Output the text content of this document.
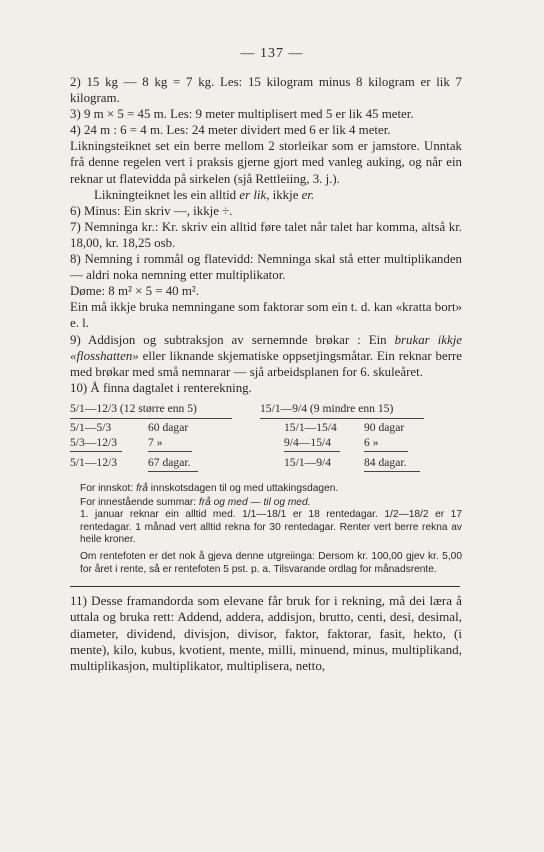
— 137 —

2) 15 kg — 8 kg = 7 kg. Les: 15 kilogram minus 8 kilogram er lik 7 kilogram.

3) 9 m × 5 = 45 m. Les: 9 meter multiplisert med 5 er lik 45 meter.

4) 24 m : 6 = 4 m. Les: 24 meter dividert med 6 er lik 4 meter.

Likningsteiknet set ein berre mellom 2 storleikar som er jamstore. Unntak frå denne regelen vert i praksis gjerne gjort med vanleg auking, og når ein reknar ut flatevidda på sirkelen (sjå Rettleiing, 3. j.).

Likningteiknet les ein alltid er lik, ikkje er.

6) Minus: Ein skriv —, ikkje ÷.

7) Nemninga kr.: Kr. skriv ein alltid føre talet når talet har komma, altså kr. 18,00, kr. 18,25 osb.

8) Nemning i rommål og flatevidd: Nemninga skal stå etter multiplikanden — aldri noka nemning etter multiplikator.

Døme: 8 m² × 5 = 40 m².

Ein må ikkje bruka nemningane som faktorar som ein t. d. kan «kratta bort» e. l.

9) Addisjon og subtraksjon av sernemnde brøkar : Ein brukar ikkje «flosshatten» eller liknande skjematiske oppsetjingsmåtar. Ein reknar berre med brøkar med små nemnarar — sjå arbeidsplanen for 6. skuleåret.

10) Å finna dagtalet i renterekning.

5/1—12/3 (12 større enn 5)	15/1—9/4 (9 mindre enn 15)
5/1—5/3	60 dagar	15/1—15/4 90 dagar
5/3—12/3	7 »	9/4—15/4	6 »
5/1—12/3	67 dagar.	15/1—9/4	84 dagar.

For innskot: frå innskotsdagen til og med uttakingsdagen.

For innestående summar: frå og med — til og med.

1. januar reknar ein alltid med. 1/1—18/1 er 18 rentedagar. 1/2—18/2 er 17 rentedagar. 1 månad vert alltid rekna for 30 rentedagar. Renter vert berre rekna av heile kroner.

Om rentefoten er det nok å gjeva denne utgreiinga: Dersom kr. 100,00 gjev kr. 5,00 for året i rente, så er rentefoten 5 pst. p. a. Tilsvarande ordlag for månadsrente.

11) Desse framandorda som elevane får bruk for i rekning, må dei læra å uttala og bruka rett: Addend, addera, addisjon, brutto, centi, desi, desimal, diameter, dividend, divisjon, divisor, faktor, faktorar, fasit, hekto, (i mente), kilo, kubus, kvotient, mente, milli, minuend, minus, multiplikand, multiplikasjon, multiplikator, multiplisera, netto,
